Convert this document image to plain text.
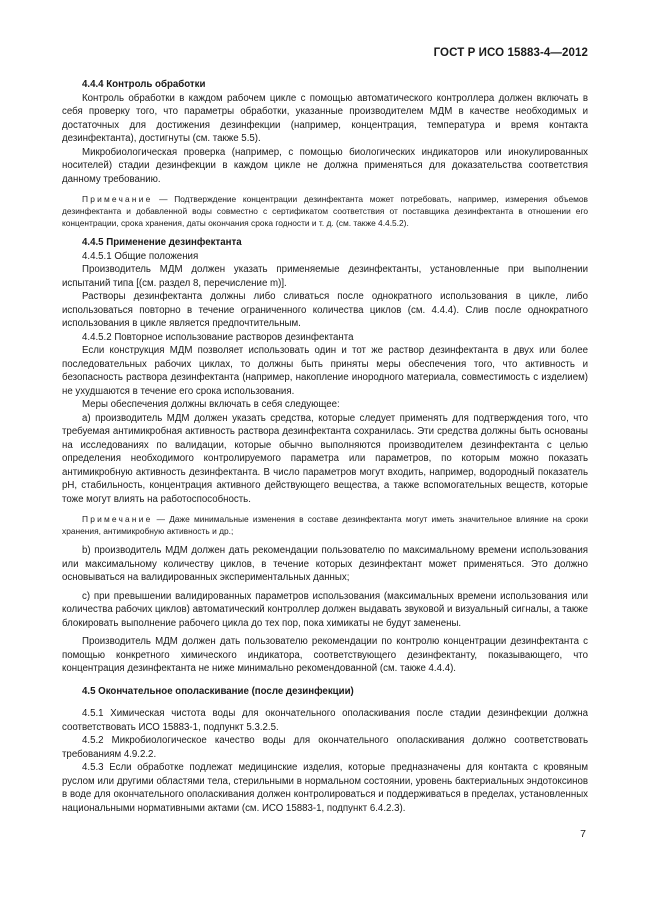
ГОСТ Р ИСО 15883-4—2012

4.4.4 Контроль обработки

Контроль обработки в каждом рабочем цикле с помощью автоматического контроллера должен включать в себя проверку того, что параметры обработки, указанные производителем МДМ в качестве необходимых и достаточных для достижения дезинфекции (например, концентрация, температура и время контакта дезинфектанта), достигнуты (см. также 5.5).

Микробиологическая проверка (например, с помощью биологических индикаторов или инокулированных носителей) стадии дезинфекции в каждом цикле не должна применяться для доказательства соответствия данному требованию.

Примечание — Подтверждение концентрации дезинфектанта может потребовать, например, измерения объемов дезинфектанта и добавленной воды совместно с сертификатом соответствия от поставщика дезинфектанта в отношении его концентрации, срока хранения, даты окончания срока годности и т. д. (см. также 4.4.5.2).

4.4.5 Применение дезинфектанта

4.4.5.1 Общие положения

Производитель МДМ должен указать применяемые дезинфектанты, установленные при выполнении испытаний типа [(см. раздел 8, перечисление m)].

Растворы дезинфектанта должны либо сливаться после однократного использования в цикле, либо использоваться повторно в течение ограниченного количества циклов (см. 4.4.4). Слив после однократного использования в цикле является предпочтительным.

4.4.5.2 Повторное использование растворов дезинфектанта

Если конструкция МДМ позволяет использовать один и тот же раствор дезинфектанта в двух или более последовательных рабочих циклах, то должны быть приняты меры обеспечения того, что активность и безопасность раствора дезинфектанта (например, накопление инородного материала, совместимость с изделием) не ухудшаются в течение его срока использования.

Меры обеспечения должны включать в себя следующее:

a) производитель МДМ должен указать средства, которые следует применять для подтверждения того, что требуемая антимикробная активность раствора дезинфектанта сохранилась. Эти средства должны быть основаны на исследованиях по валидации, которые обычно выполняются производителем дезинфектанта с целью определения необходимого контролируемого параметра или параметров, по которым можно показать антимикробную активность дезинфектанта. В число параметров могут входить, например, водородный показатель рН, стабильность, концентрация активного действующего вещества, а также вспомогательных веществ, которые тоже могут влиять на работоспособность.

Примечание — Даже минимальные изменения в составе дезинфектанта могут иметь значительное влияние на сроки хранения, антимикробную активность и др.;

b) производитель МДМ должен дать рекомендации пользователю по максимальному времени использования или максимальному количеству циклов, в течение которых дезинфектант может применяться. Это должно основываться на валидированных экспериментальных данных;

c) при превышении валидированных параметров использования (максимальных времени использования или количества рабочих циклов) автоматический контроллер должен выдавать звуковой и визуальный сигналы, а также блокировать выполнение рабочего цикла до тех пор, пока химикаты не будут заменены.

Производитель МДМ должен дать пользователю рекомендации по контролю концентрации дезинфектанта с помощью конкретного химического индикатора, соответствующего дезинфектанту, показывающего, что концентрация дезинфектанта не ниже минимально рекомендованной (см. также 4.4.4).

4.5 Окончательное ополаскивание (после дезинфекции)

4.5.1 Химическая чистота воды для окончательного ополаскивания после стадии дезинфекции должна соответствовать ИСО 15883-1, подпункт 5.3.2.5.

4.5.2 Микробиологическое качество воды для окончательного ополаскивания должно соответствовать требованиям 4.9.2.2.

4.5.3 Если обработке подлежат медицинские изделия, которые предназначены для контакта с кровяным руслом или другими областями тела, стерильными в нормальном состоянии, уровень бактериальных эндотоксинов в воде для окончательного ополаскивания должен контролироваться и поддерживаться в пределах, установленных национальными нормативными актами (см. ИСО 15883-1, подпункт 6.4.2.3).

7
